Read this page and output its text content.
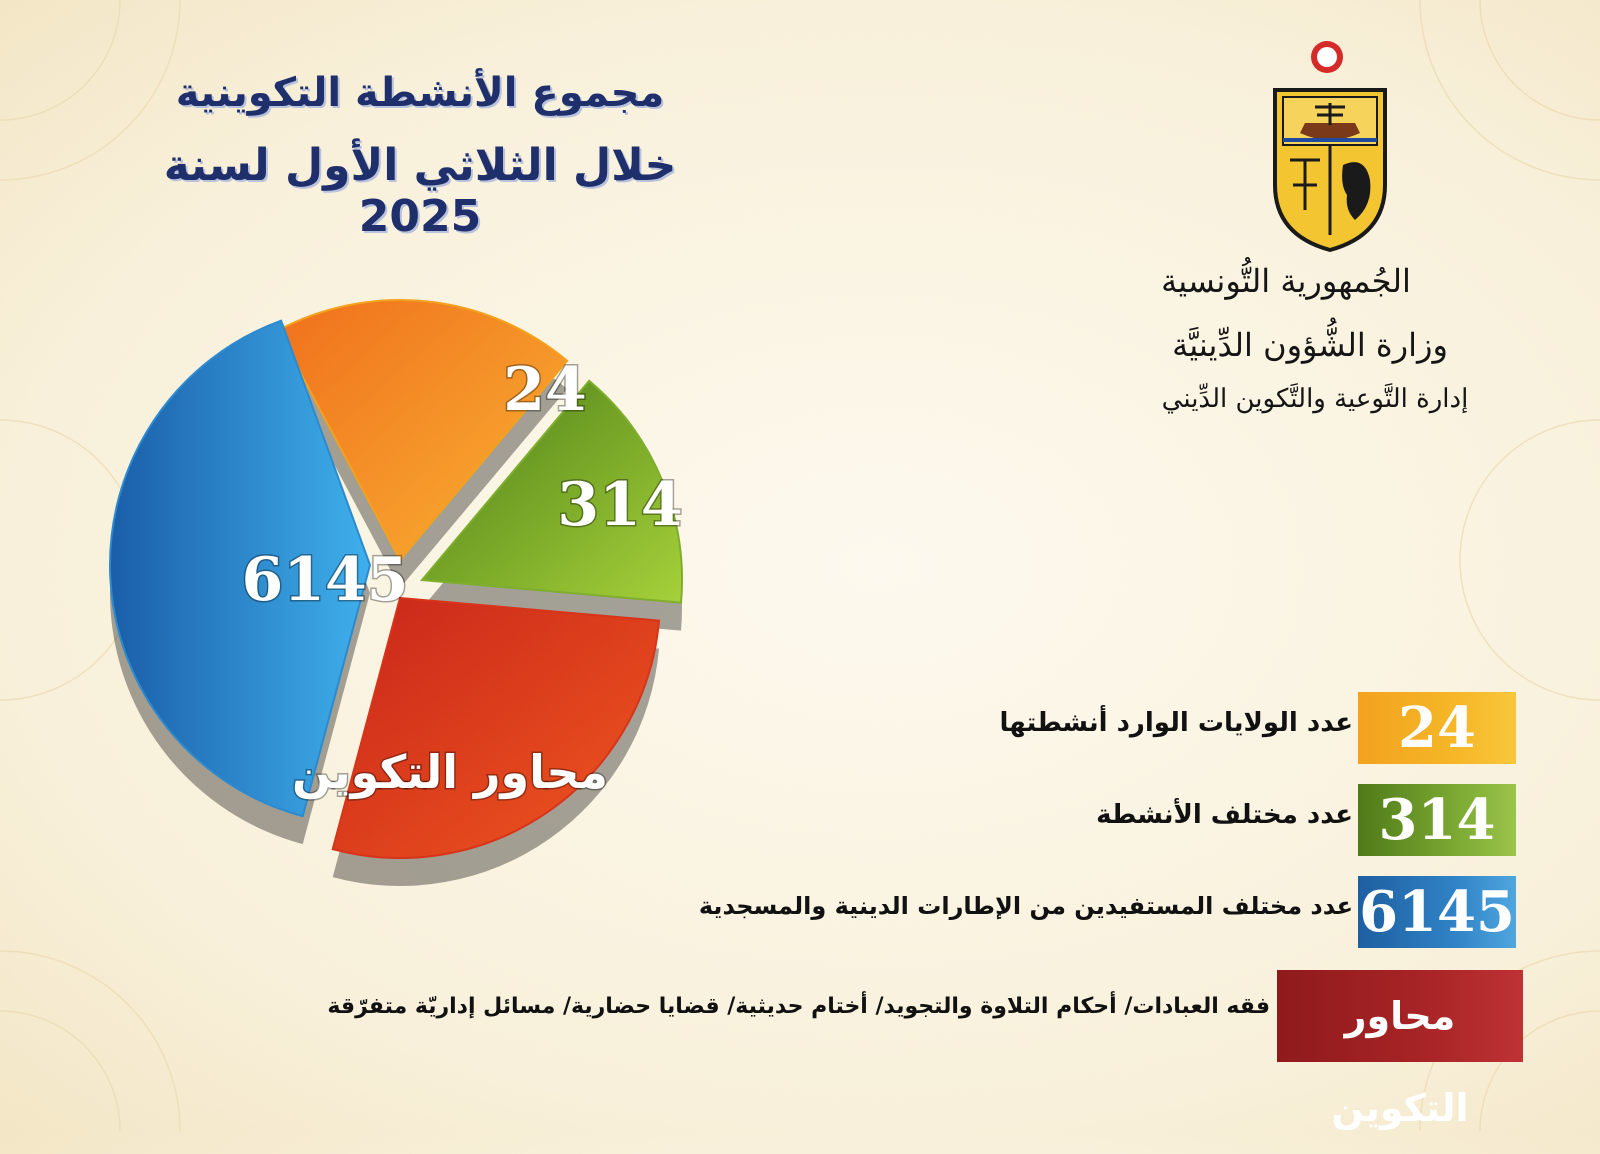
مجموع الأنشطة التكوينية
خلال الثلاثي الأول لسنة 2025
24
314
6145
محاور التكوين
الجُمهورية التُّونسية
وزارة الشُّؤون الدِّينيَّة
إدارة التَّوعية والتَّكوين الدِّيني
24
عدد الولايات الوارد أنشطتها
314
عدد مختلف الأنشطة
6145
عدد مختلف المستفيدين من الإطارات الدينية والمسجدية
محاور التكوين
فقه العبادات/ أحكام التلاوة والتجويد/ أختام حديثية/ قضايا حضارية/ مسائل إداريّة متفرّقة
